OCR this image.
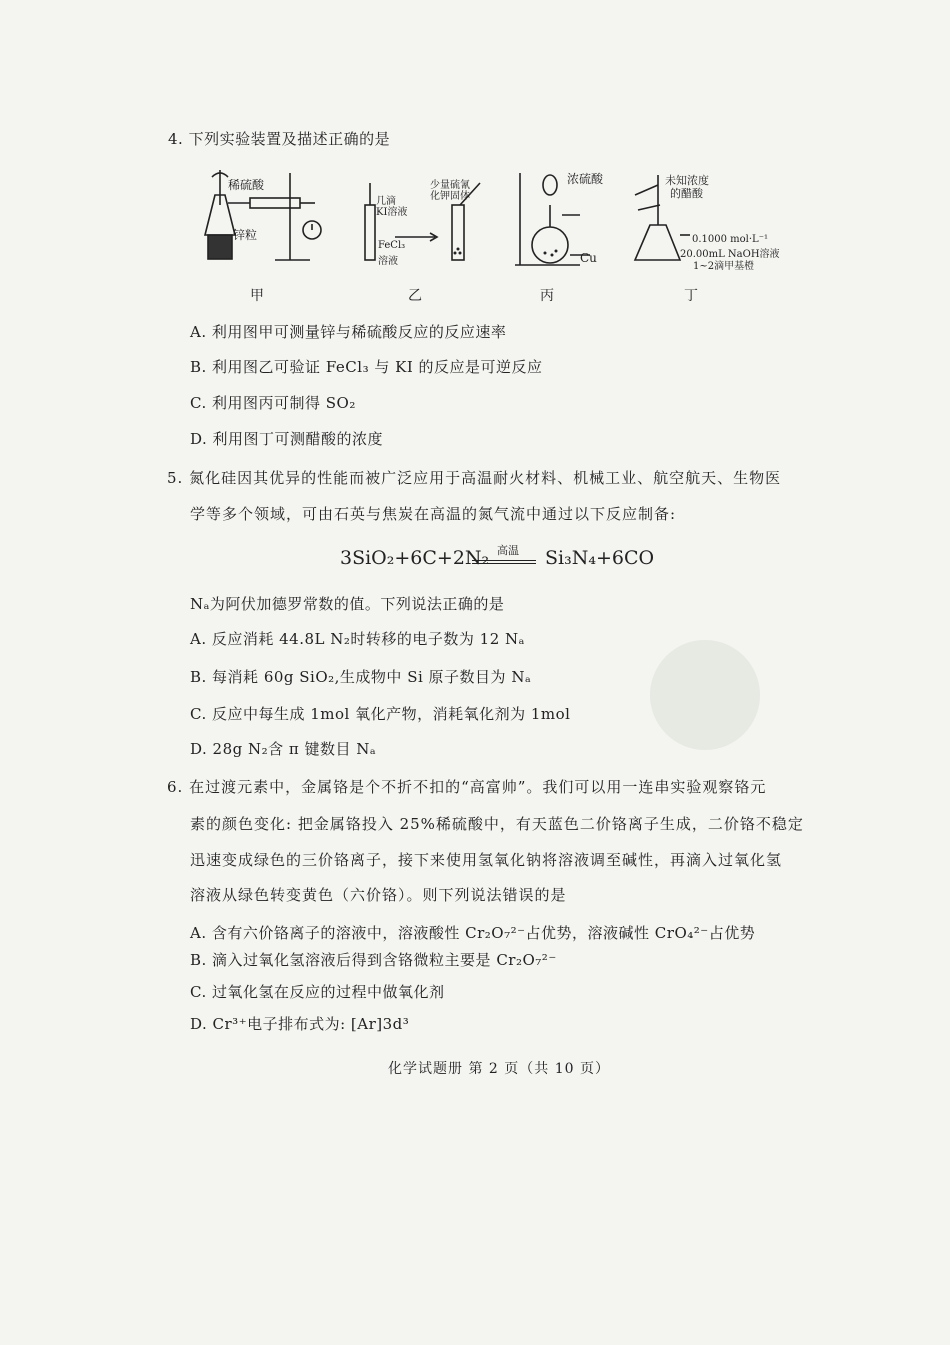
4. 下列实验装置及描述正确的是
稀硫酸
锌粒
几滴
KI溶液
少量硫氰
化钾固体
FeCl₃
溶液
浓硫酸
Cu
未知浓度
的醋酸
0.1000 mol·L⁻¹
20.00mL NaOH溶液
1~2滴甲基橙
甲	乙	丙	丁
A. 利用图甲可测量锌与稀硫酸反应的反应速率
B. 利用图乙可验证 FeCl₃ 与 KI 的反应是可逆反应
C. 利用图丙可制得 SO₂
D. 利用图丁可测醋酸的浓度
5. 氮化硅因其优异的性能而被广泛应用于高温耐火材料、机械工业、航空航天、生物医
学等多个领域，可由石英与焦炭在高温的氮气流中通过以下反应制备:
3SiO₂+6C+2N₂ 高温	Si₃N₄+6CO
Nₐ为阿伏加德罗常数的值。下列说法正确的是
A. 反应消耗 44.8L N₂时转移的电子数为 12 Nₐ
B. 每消耗 60g SiO₂,生成物中 Si 原子数目为 Nₐ
C. 反应中每生成 1mol 氧化产物，消耗氧化剂为 1mol
D. 28g N₂含 π 键数目 Nₐ
6. 在过渡元素中，金属铬是个不折不扣的“高富帅”。我们可以用一连串实验观察铬元
素的颜色变化: 把金属铬投入 25%稀硫酸中，有天蓝色二价铬离子生成，二价铬不稳定
迅速变成绿色的三价铬离子，接下来使用氢氧化钠将溶液调至碱性，再滴入过氧化氢
溶液从绿色转变黄色（六价铬）。则下列说法错误的是
A. 含有六价铬离子的溶液中，溶液酸性 Cr₂O₇²⁻占优势，溶液碱性 CrO₄²⁻占优势
B. 滴入过氧化氢溶液后得到含铬微粒主要是 Cr₂O₇²⁻
C. 过氧化氢在反应的过程中做氧化剂
D. Cr³⁺电子排布式为: [Ar]3d³
化学试题册 第 2 页（共 10 页）
